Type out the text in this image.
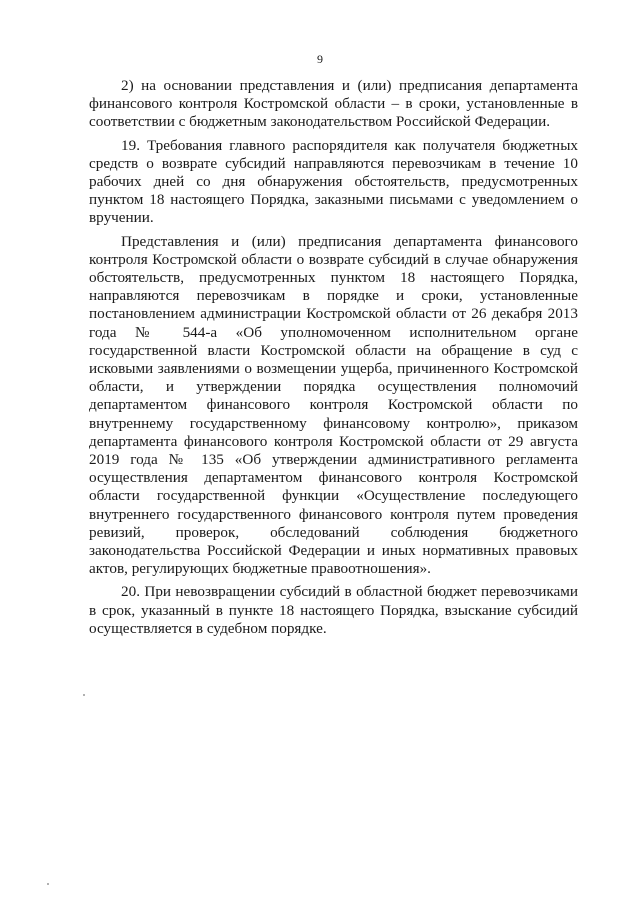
9

2) на основании представления и (или) предписания департамента финансового контроля Костромской области – в сроки, установленные в соответствии с бюджетным законодательством Российской Федерации.

19. Требования главного распорядителя как получателя бюджетных средств о возврате субсидий направляются перевозчикам в течение 10 рабочих дней со дня обнаружения обстоятельств, предусмотренных пунктом 18 настоящего Порядка, заказными письмами с уведомлением о вручении.

Представления и (или) предписания департамента финансового контроля Костромской области о возврате субсидий в случае обнаружения обстоятельств, предусмотренных пунктом 18 настоящего Порядка, направляются перевозчикам в порядке и сроки, установленные постановлением администрации Костромской области от 26 декабря 2013 года № 544-а «Об уполномоченном исполнительном органе государственной власти Костромской области на обращение в суд с исковыми заявлениями о возмещении ущерба, причиненного Костромской области, и утверждении порядка осуществления полномочий департаментом финансового контроля Костромской области по внутреннему государственному финансовому контролю», приказом департамента финансового контроля Костромской области от 29 августа 2019 года № 135 «Об утверждении административного регламента осуществления департаментом финансового контроля Костромской области государственной функции «Осуществление последующего внутреннего государственного финансового контроля путем проведения ревизий, проверок, обследований соблюдения бюджетного законодательства Российской Федерации и иных нормативных правовых актов, регулирующих бюджетные правоотношения».

20. При невозвращении субсидий в областной бюджет перевозчиками в срок, указанный в пункте 18 настоящего Порядка, взыскание субсидий осуществляется в судебном порядке.
